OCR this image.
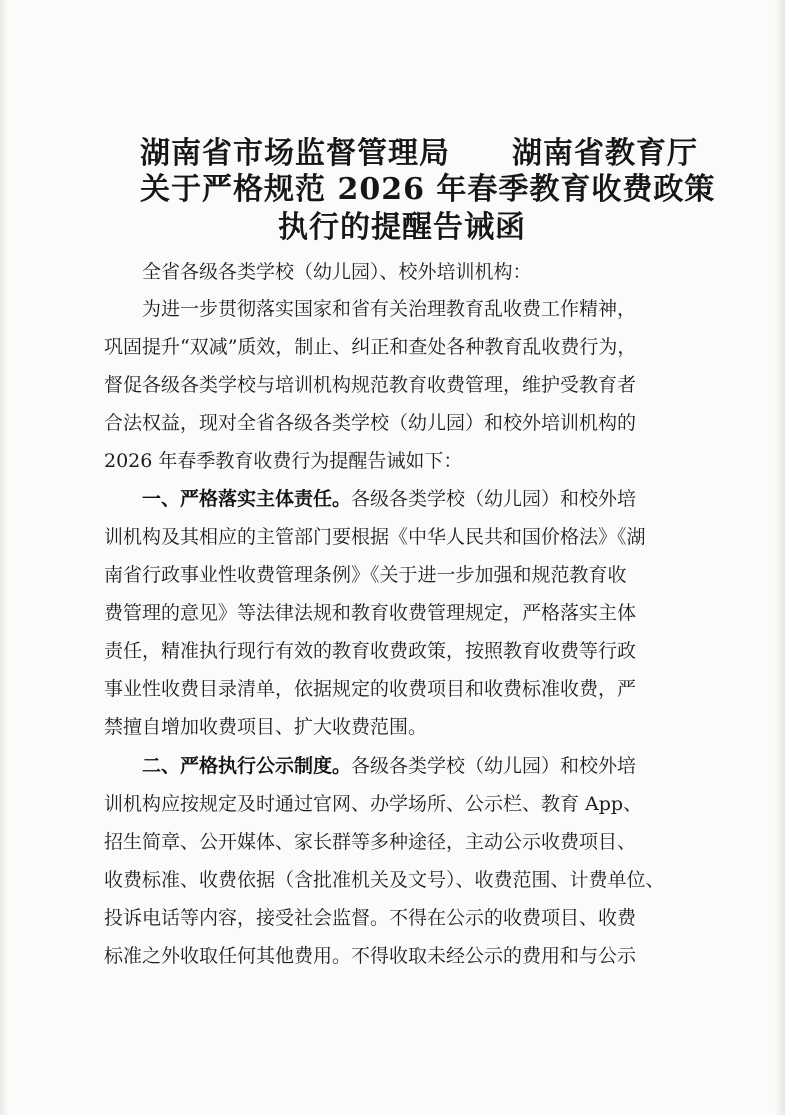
湖南省市场监督管理局　　湖南省教育厅
关于严格规范 2026 年春季教育收费政策
执行的提醒告诫函
全省各级各类学校（幼儿园）、校外培训机构：
为进一步贯彻落实国家和省有关治理教育乱收费工作精神，
巩固提升“双减”质效，制止、纠正和查处各种教育乱收费行为，
督促各级各类学校与培训机构规范教育收费管理，维护受教育者
合法权益，现对全省各级各类学校（幼儿园）和校外培训机构的
2026 年春季教育收费行为提醒告诫如下：
一、严格落实主体责任。各级各类学校（幼儿园）和校外培
训机构及其相应的主管部门要根据《中华人民共和国价格法》《湖
南省行政事业性收费管理条例》《关于进一步加强和规范教育收
费管理的意见》等法律法规和教育收费管理规定，严格落实主体
责任，精准执行现行有效的教育收费政策，按照教育收费等行政
事业性收费目录清单，依据规定的收费项目和收费标准收费，严
禁擅自增加收费项目、扩大收费范围。
二、严格执行公示制度。各级各类学校（幼儿园）和校外培
训机构应按规定及时通过官网、办学场所、公示栏、教育 App、
招生简章、公开媒体、家长群等多种途径，主动公示收费项目、
收费标准、收费依据（含批准机关及文号）、收费范围、计费单位、
投诉电话等内容，接受社会监督。不得在公示的收费项目、收费
标准之外收取任何其他费用。不得收取未经公示的费用和与公示
